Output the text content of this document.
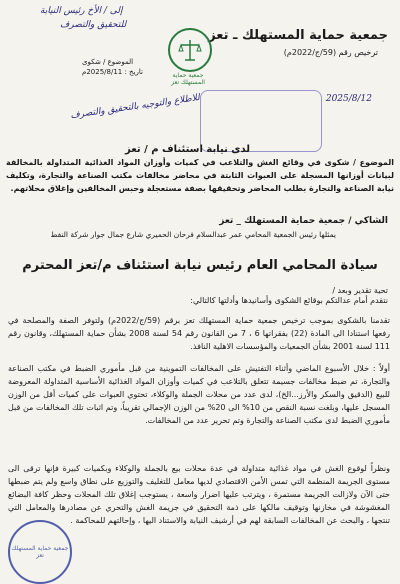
جمعية حماية المستهلك ـ تعز
ترخيص رقم (59/ج/2022م)
جمعية حماية المستهلك تعز
الموضوع / شكوى
تاريخ : 2025/8/11م
إلى / الأخ رئيس النيابة
للتحقيق والتصرف
للاطلاع والتوجيه بالتحقيق والتصرف	2025/8/12
لدى نيابة استئناف م / تعز
الموضوع / شكوى في وقائع الغش والتلاعب في كميات وأوزان المواد الغذائية المتداولة بالمخالفة لبيانات أوزانها المسجلة على العبوات الثابتة في محاضر مخالفات مكتب الصناعة والتجارة، وتكليف نيابة الصناعة والتجارة بطلب المحاضر وتحقيقها بصفة مستعجلة وحبس المخالفين وإغلاق محلاتهم.
الشاكي / جمعية حماية المستهلك _ تعز
يمثلها رئيس الجمعية المحامي عمر عبدالسلام فرحان الحميري شارع جمال جوار شركة النفط
سيادة المحامي العام رئيس نيابة استئناف م/تعز المحترم
تحية تقدير وبعد /
نتقدم أمام عدالتكم بوقائع الشكوى وأسانيدها وأدلتها كالتالي:
تقدمنا بالشكوى بموجب ترخيص جمعية حماية المستهلك تعز برقم (59/ج/2022م) ولتوفر الصفة والمصلحة في رفعها استنادا الى المادة (22) بفقراتها 6 ، 7 من القانون رقم 54 لسنة 2008 بشأن حماية المستهلك، وقانون رقم 111 لسنة 2001 بشأن الجمعيات والمؤسسات الاهلية النافذ.
أولاً : خلال الأسبوع الماضي وأثناء التفتيش على المخالفات التموينية من قبل مأموري الضبط في مكتب الصناعة والتجارة، تم ضبط مخالفات جسيمة تتعلق بالتلاعب في كميات وأوزان المواد الغذائية الأساسية المتداولة المعروضة للبيع (الدقيق والسكر والأرز...الخ)، لدى عدد من محلات الجملة والوكلاء، تحتوي العبوات على كميات أقل من الوزن المسجل عليها، وبلغت نسبة النقص من 10% الى 20% من الوزن الإجمالي تقريباً، وتم اثبات تلك المخالفات من قبل مأموري الضبط لدى مكتب الصناعة والتجارة وتم تحرير عدد من المخالفات.
ونظراً لوقوع الغش في مواد غذائية متداولة في عدة محلات بيع بالجملة والوكلاء وبكميات كبيرة فإنها ترقى الى مستوى الجريمة المنظمة التي تمس الأمن الاقتصادي لديها معامل للتغليف والتوزيع على نطاق واسع ولم يتم ضبطها حتى الآن ولازالت الجريمة مستمرة ، ويترتب عليها اضرار واسعة ، يستوجب إغلاق تلك المحلات وحظر كافة البضائع المغشوشة في مخازنها وتوقيف مالكها على ذمة التحقيق في جريمة الغش والتحري عن مصادرها والمعامل التي تنتجها ، والبحث عن المخالفات السابقة لهم في أرشيف النيابة والاستناد اليها ، وإحالتهم للمحاكمة .
جمعية حماية المستهلك تعز
